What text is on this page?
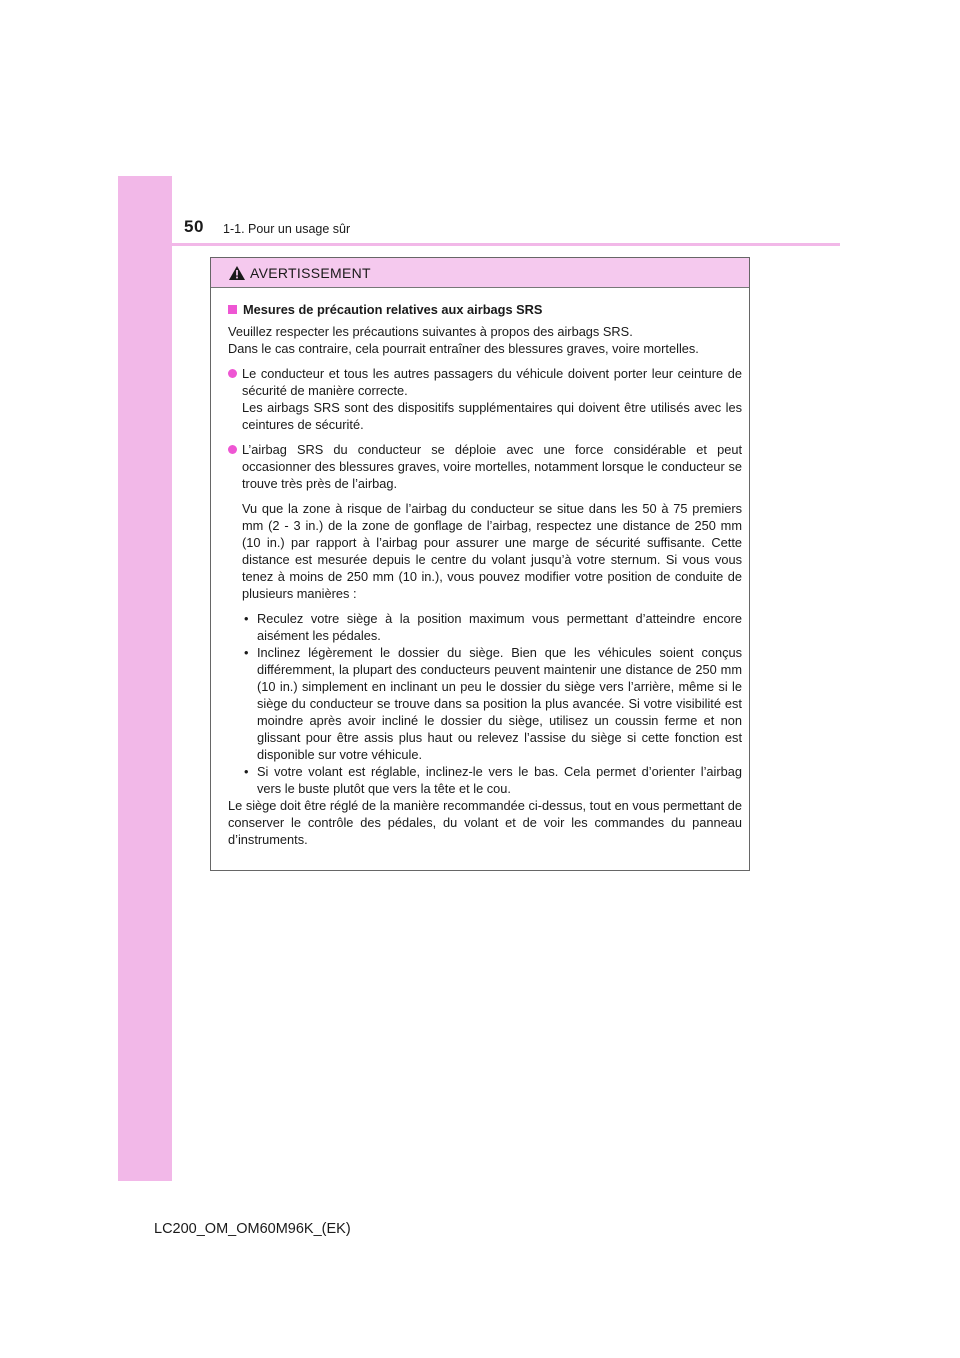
50 1-1. Pour un usage sûr
AVERTISSEMENT
Mesures de précaution relatives aux airbags SRS
Veuillez respecter les précautions suivantes à propos des airbags SRS.
Dans le cas contraire, cela pourrait entraîner des blessures graves, voire mortelles.
Le conducteur et tous les autres passagers du véhicule doivent porter leur ceinture de sécurité de manière correcte.
Les airbags SRS sont des dispositifs supplémentaires qui doivent être utilisés avec les ceintures de sécurité.
L’airbag SRS du conducteur se déploie avec une force considérable et peut occasionner des blessures graves, voire mortelles, notamment lorsque le conducteur se trouve très près de l’airbag.
Vu que la zone à risque de l’airbag du conducteur se situe dans les 50 à 75 premiers mm (2 - 3 in.) de la zone de gonflage de l’airbag, respectez une distance de 250 mm (10 in.) par rapport à l’airbag pour assurer une marge de sécurité suffisante. Cette distance est mesurée depuis le centre du volant jusqu’à votre sternum. Si vous vous tenez à moins de 250 mm (10 in.), vous pouvez modifier votre position de conduite de plusieurs manières :
• Reculez votre siège à la position maximum vous permettant d’atteindre encore aisément les pédales.
• Inclinez légèrement le dossier du siège. Bien que les véhicules soient conçus différemment, la plupart des conducteurs peuvent maintenir une distance de 250 mm (10 in.) simplement en inclinant un peu le dossier du siège vers l’arrière, même si le siège du conducteur se trouve dans sa position la plus avancée. Si votre visibilité est moindre après avoir incliné le dossier du siège, utilisez un coussin ferme et non glissant pour être assis plus haut ou relevez l’assise du siège si cette fonction est disponible sur votre véhicule.
• Si votre volant est réglable, inclinez-le vers le bas. Cela permet d’orienter l’airbag vers le buste plutôt que vers la tête et le cou.
Le siège doit être réglé de la manière recommandée ci-dessus, tout en vous permettant de conserver le contrôle des pédales, du volant et de voir les commandes du panneau d’instruments.
LC200_OM_OM60M96K_(EK)
